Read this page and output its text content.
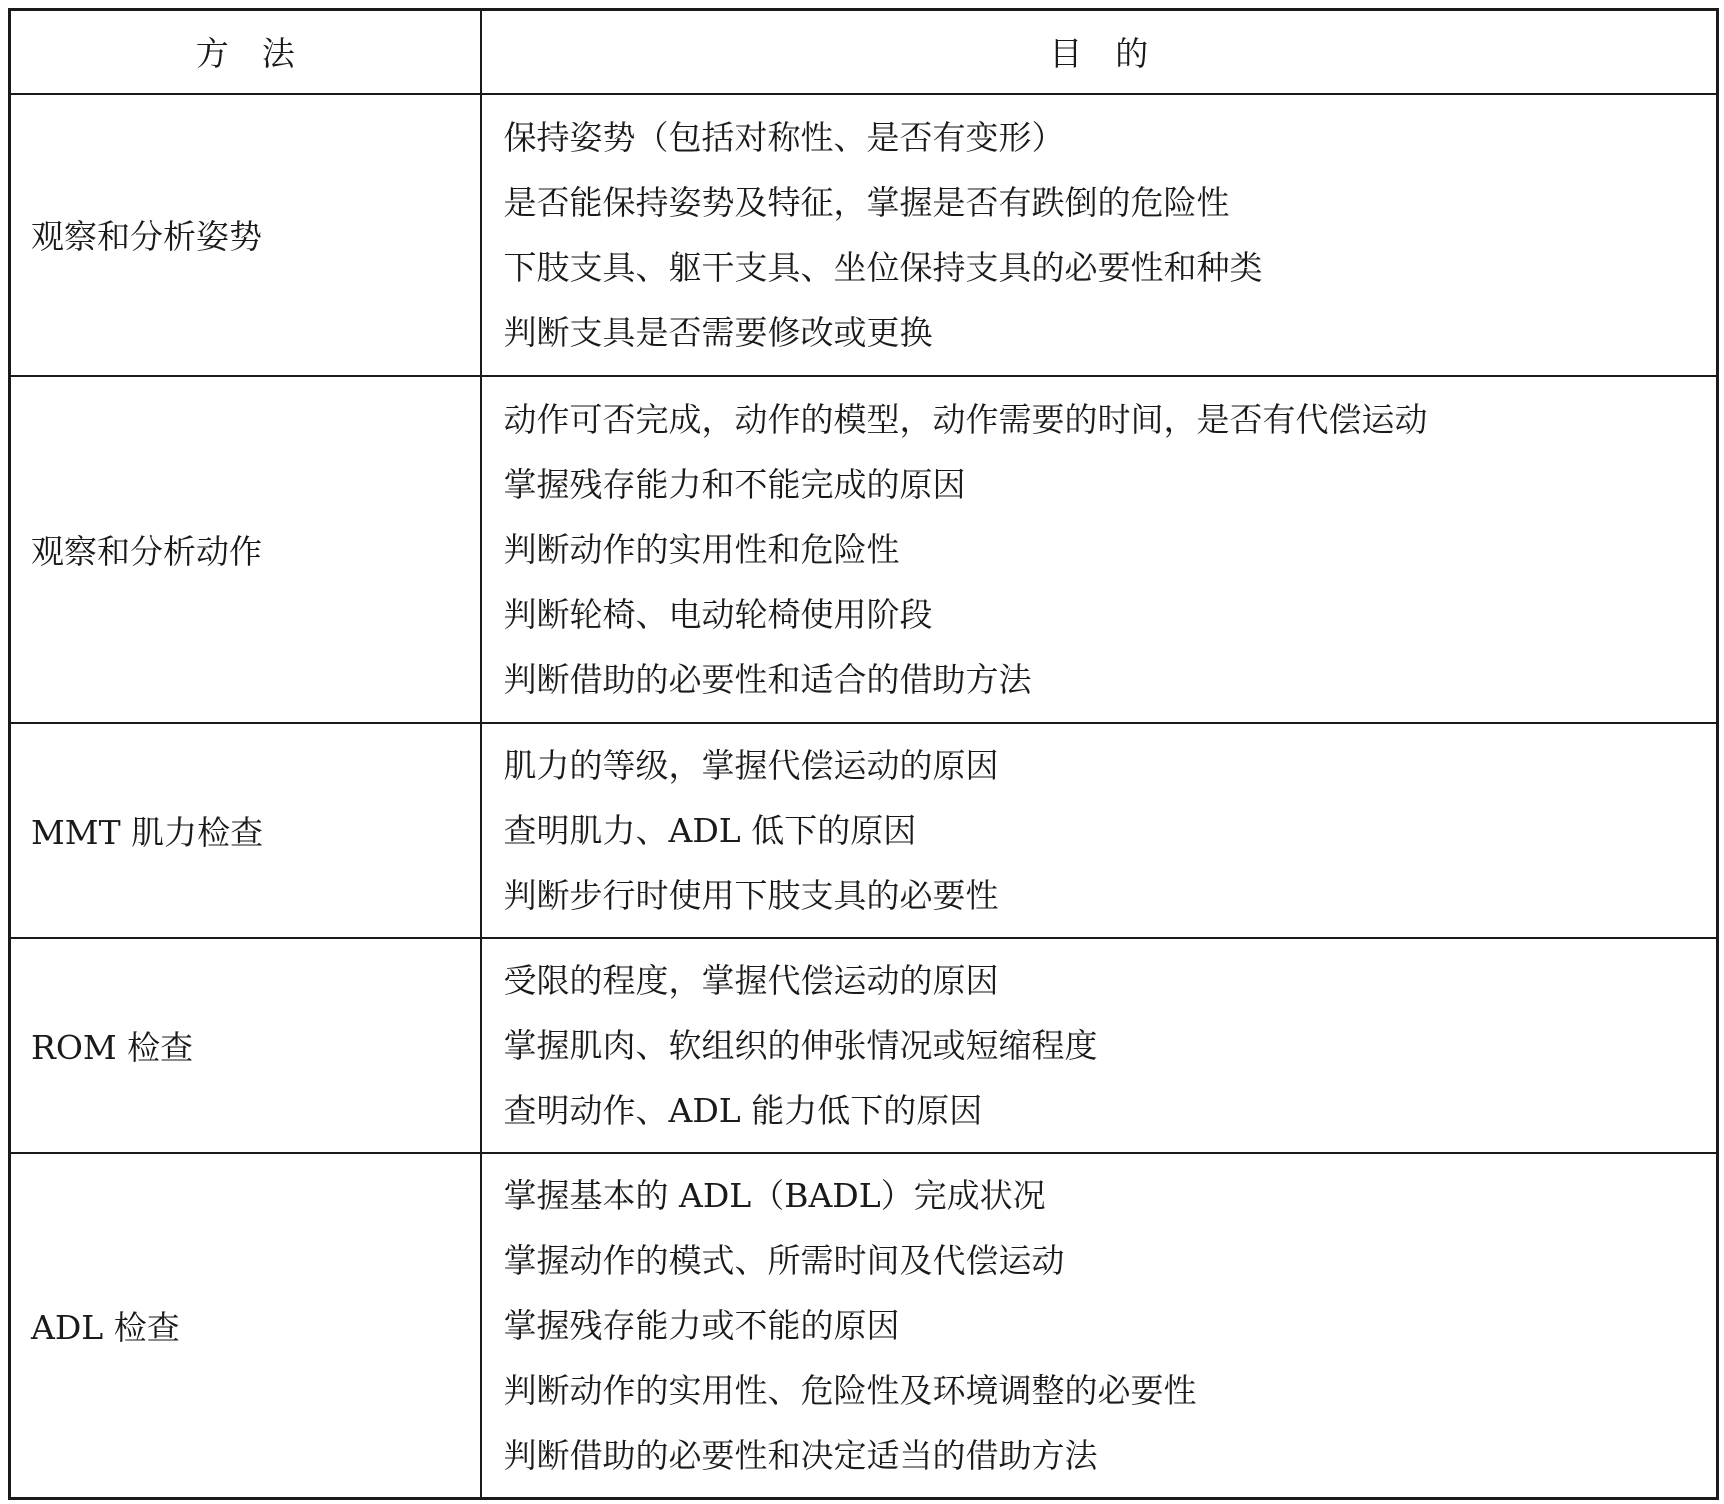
方　法	目　的
观察和分析姿势	保持姿势（包括对称性、是否有变形）
是否能保持姿势及特征，掌握是否有跌倒的危险性
下肢支具、躯干支具、坐位保持支具的必要性和种类
判断支具是否需要修改或更换

观察和分析动作	动作可否完成，动作的模型，动作需要的时间，是否有代偿运动
掌握残存能力和不能完成的原因
判断动作的实用性和危险性
判断轮椅、电动轮椅使用阶段
判断借助的必要性和适合的借助方法

MMT 肌力检查	肌力的等级，掌握代偿运动的原因
查明肌力、ADL 低下的原因
判断步行时使用下肢支具的必要性

ROM 检查	受限的程度，掌握代偿运动的原因
掌握肌肉、软组织的伸张情况或短缩程度
查明动作、ADL 能力低下的原因

ADL 检查	掌握基本的 ADL（BADL）完成状况
掌握动作的模式、所需时间及代偿运动
掌握残存能力或不能的原因
判断动作的实用性、危险性及环境调整的必要性
判断借助的必要性和决定适当的借助方法
